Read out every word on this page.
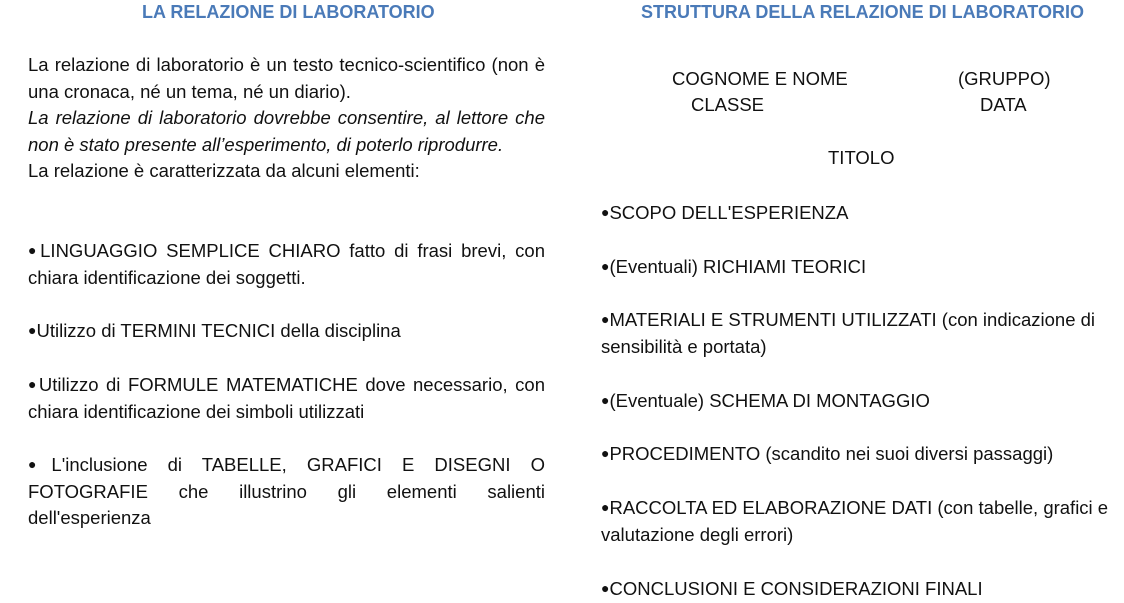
LA RELAZIONE DI LABORATORIO	STRUTTURA DELLA RELAZIONE DI LABORATORIO

La relazione di laboratorio è un testo tecnico-scientifico (non è una cronaca, né un tema, né un diario).

La relazione di laboratorio dovrebbe consentire, al lettore che non è stato presente all’esperimento, di poterlo riprodurre.

La relazione è caratterizzata da alcuni elementi:

●LINGUAGGIO SEMPLICE CHIARO fatto di frasi brevi, con chiara identificazione dei soggetti.

●Utilizzo di TERMINI TECNICI della disciplina

●Utilizzo di FORMULE MATEMATICHE dove necessario, con chiara identificazione dei simboli utilizzati

●L'inclusione di TABELLE, GRAFICI E DISEGNI O FOTOGRAFIE che illustrino gli elementi salienti dell'esperienza

COGNOME E NOME	(GRUPPO)
CLASSE	DATA
TITOLO

●SCOPO DELL'ESPERIENZA

●(Eventuali) RICHIAMI TEORICI

●MATERIALI E STRUMENTI UTILIZZATI (con indicazione di sensibilità e portata)

●(Eventuale) SCHEMA DI MONTAGGIO

●PROCEDIMENTO (scandito nei suoi diversi passaggi)

●RACCOLTA ED ELABORAZIONE DATI (con tabelle, grafici e valutazione degli errori)

●CONCLUSIONI E CONSIDERAZIONI FINALI
